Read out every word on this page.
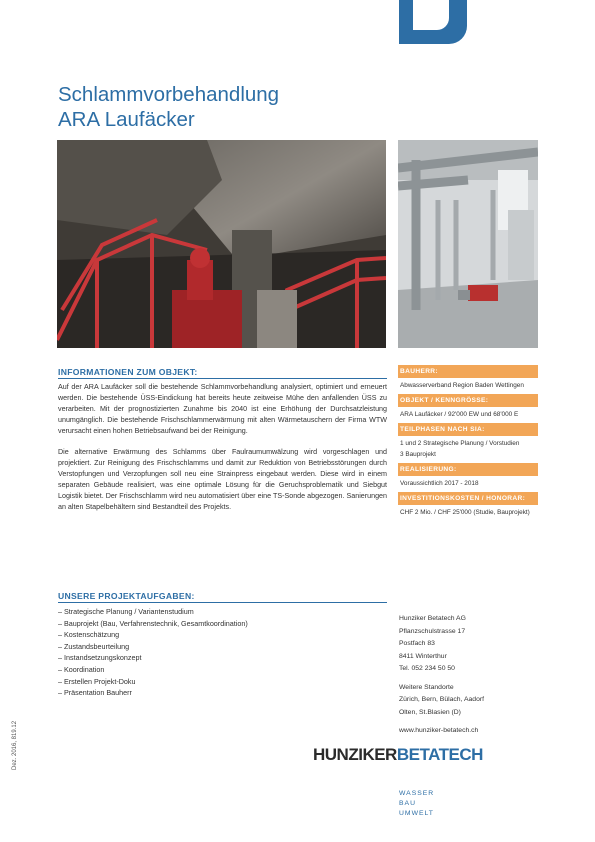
Schlammvorbehandlung
ARA Laufäcker
INFORMATIONEN ZUM OBJEKT:

Auf der ARA Laufäcker soll die bestehende Schlammvorbehandlung analysiert, optimiert und erneuert werden. Die bestehende ÜSS-Eindickung hat bereits heute zeitweise Mühe den anfallenden ÜSS zu verarbeiten. Mit der prognostizierten Zunahme bis 2040 ist eine Erhöhung der Durchsatzleistung unumgänglich. Die bestehende Frischschlammerwärmung mit alten Wärmetauschern der Firma WTW verursacht einen hohen Betriebsaufwand bei der Reinigung.

Die alternative Erwärmung des Schlamms über Faulraumumwälzung wird vorgeschlagen und projektiert. Zur Reinigung des Frischschlamms und damit zur Reduktion von Betriebsstörungen durch Verstopfungen und Verzopfungen soll neu eine Strainpress eingebaut werden. Diese wird in einem separaten Gebäude realisiert, was eine optimale Lösung für die Geruchsproblematik und Siebgut Logistik bietet. Der Frischschlamm wird neu automatisiert über eine TS-Sonde abgezogen. Sanierungen an alten Stapelbehältern sind Bestandteil des Projekts.

BAUHERR:
Abwasserverband Region Baden Wettingen
OBJEKT / KENNGRÖSSE:
ARA Laufäcker / 92'000 EW und 68'000 E
TEILPHASEN NACH SIA:
1 und 2 Strategische Planung / Vorstudien
3 Bauprojekt
REALISIERUNG:
Voraussichtlich 2017 - 2018
INVESTITIONSKOSTEN / HONORAR:
CHF 2 Mio. / CHF 25'000 (Studie, Bauprojekt)
UNSERE PROJEKTAUFGABEN:
– Strategische Planung / Variantenstudium
– Bauprojekt (Bau, Verfahrenstechnik, Gesamtkoordination)
– Kostenschätzung
– Zustandsbeurteilung
– Instandsetzungskonzept
– Koordination
– Erstellen Projekt-Doku
– Präsentation Bauherr
Hunziker Betatech AG
Pflanzschulstrasse 17
Postfach 83
8411 Winterthur
Tel. 052 234 50 50
Weitere Standorte
Zürich, Bern, Bülach, Aadorf
Olten, St.Blasien (D)
www.hunziker-betatech.ch
HUNZIKERBETATECH
WASSER
BAU
UMWELT
Dez. 2016, 819.12
